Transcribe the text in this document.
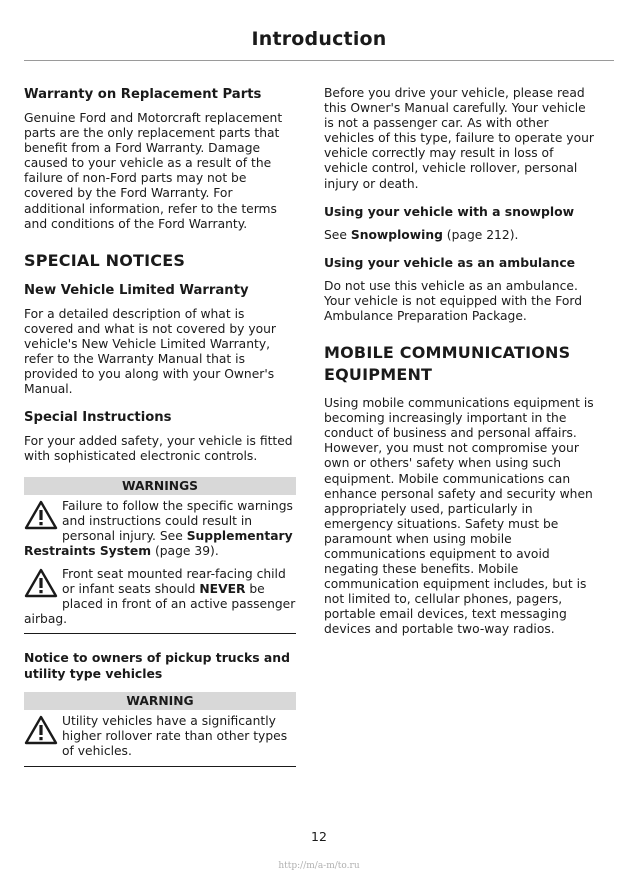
Introduction

Warranty on Replacement Parts

Genuine Ford and Motorcraft replacement parts are the only replacement parts that benefit from a Ford Warranty. Damage caused to your vehicle as a result of the failure of non-Ford parts may not be covered by the Ford Warranty. For additional information, refer to the terms and conditions of the Ford Warranty.

SPECIAL NOTICES

New Vehicle Limited Warranty

For a detailed description of what is covered and what is not covered by your vehicle's New Vehicle Limited Warranty, refer to the Warranty Manual that is provided to you along with your Owner's Manual.

Special Instructions

For your added safety, your vehicle is fitted with sophisticated electronic controls.

WARNINGS
Failure to follow the specific warnings and instructions could result in personal injury. See Supplementary Restraints System (page 39).
Front seat mounted rear-facing child or infant seats should NEVER be placed in front of an active passenger airbag.

Notice to owners of pickup trucks and utility type vehicles

WARNING
Utility vehicles have a significantly higher rollover rate than other types of vehicles.

Before you drive your vehicle, please read this Owner's Manual carefully. Your vehicle is not a passenger car. As with other vehicles of this type, failure to operate your vehicle correctly may result in loss of vehicle control, vehicle rollover, personal injury or death.

Using your vehicle with a snowplow

See Snowplowing (page 212).

Using your vehicle as an ambulance

Do not use this vehicle as an ambulance. Your vehicle is not equipped with the Ford Ambulance Preparation Package.

MOBILE COMMUNICATIONS EQUIPMENT

Using mobile communications equipment is becoming increasingly important in the conduct of business and personal affairs. However, you must not compromise your own or others' safety when using such equipment. Mobile communications can enhance personal safety and security when appropriately used, particularly in emergency situations. Safety must be paramount when using mobile communications equipment to avoid negating these benefits. Mobile communication equipment includes, but is not limited to, cellular phones, pagers, portable email devices, text messaging devices and portable two-way radios.

12
http://m/a-m/to.ru
